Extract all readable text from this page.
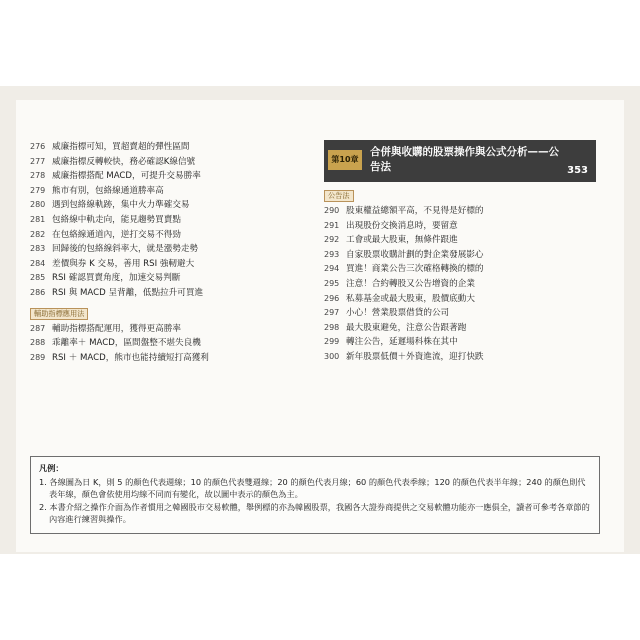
276 威廉指標可知，買超賣超的彈性區間
277 威廉指標反轉較快，務必確認K線信號
278 威廉指標搭配 MACD，可提升交易勝率
279 熊市有別，包絡線通道勝率高
280 遇到包絡線軌跡，集中火力準確交易
281 包絡線中軌走向，能見趨勢買賣點
282 在包絡線通道內，逆打交易不得勁
283 回歸後的包絡線斜率大，就是漲勢走勢
284 差價與券 K 交易，善用 RSI 強軔避大
285 RSI 確認買賣角度，加速交易判斷
286 RSI 與 MACD 呈背離，低點拉升可買進
輔助指標應用法
287 輔助指標搭配運用，獲得更高勝率
288 乖離率＋ MACD，區間盤整不堪失良機
289 RSI ＋ MACD，熊市也能持續短打高獲利
第10章
合併與收購的股票操作與公式分析——公告法	353
公告法
290 股東權益總額平高，不見得是好標的
291 出現股份交換消息時，要留意
292 工會或最大股東，無條件跟進
293 自家股票收購計劃的對企業發展影心
294 買進！商業公告三次確格轉換的標的
295 注意！合約轉股又公告增資的企業
296 私募基金或最大股東，股價底動大
297 小心！營業股票借貸的公司
298 最大股東避免，注意公告跟著跑
299 轉注公告，延遲場科株在其中
300 新年股票低價＋外資進流，迎打快跌
凡例：
1. 各線圖為日 K，則 5 的顏色代表週線；10 的顏色代表雙週線；20 的顏色代表月線；60 的顏色代表季線；120 的顏色代表半年線；240 的顏色則代表年線，顏色會依使用均線不同而有變化，故以圖中表示的顏色為主。
2. 本書介紹之操作介面為作者慣用之韓國股市交易軟體，舉例標的亦為韓國股票，我國各大證券商提供之交易軟體功能亦一應俱全，讀者可參考各章節的內容進行練習與操作。
